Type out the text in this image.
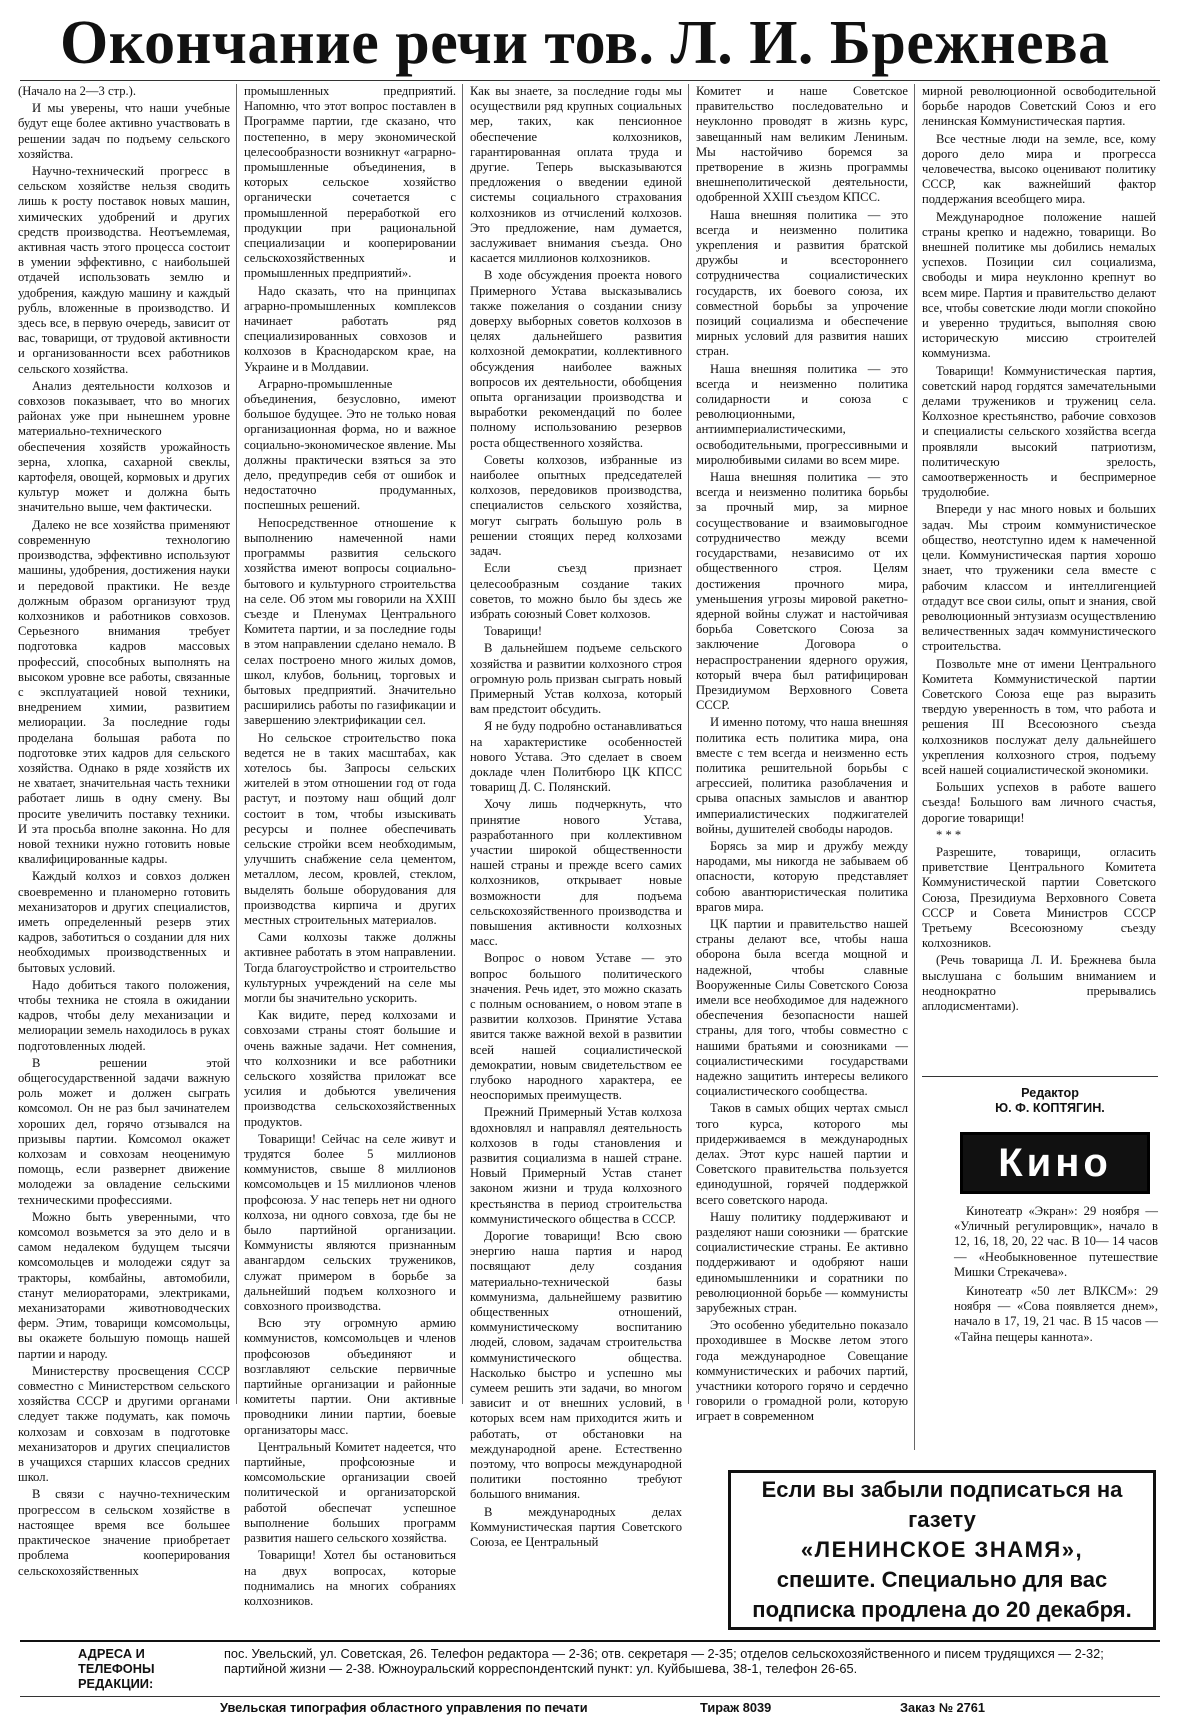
Окончание речи тов. Л. И. Брежнева

(Начало на 2—3 стр.).

И мы уверены, что наши учебные будут еще более активно участвовать в решении задач по подъему сельского хозяйства.

Научно-технический прогресс в сельском хозяйстве нельзя сводить лишь к росту поставок новых машин, химических удобрений и других средств производства. Неотъемлемая, активная часть этого процесса состоит в умении эффективно, с наибольшей отдачей использовать землю и удобрения, каждую машину и каждый рубль, вложенные в производство. И здесь все, в первую очередь, зависит от вас, товарищи, от трудовой активности и организованности всех работников сельского хозяйства.

Анализ деятельности колхозов и совхозов показывает, что во многих районах уже при нынешнем уровне материально-технического обеспечения хозяйств урожайность зерна, хлопка, сахарной свеклы, картофеля, овощей, кормовых и других культур может и должна быть значительно выше, чем фактически.

Далеко не все хозяйства применяют современную технологию производства, эффективно используют машины, удобрения, достижения науки и передовой практики. Не везде должным образом организуют труд колхозников и работников совхозов. Серьезного внимания требует подготовка кадров массовых профессий, способных выполнять на высоком уровне все работы, связанные с эксплуатацией новой техники, внедрением химии, развитием мелиорации. За последние годы проделана большая работа по подготовке этих кадров для сельского хозяйства. Однако в ряде хозяйств их не хватает, значительная часть техники работает лишь в одну смену. Вы просите увеличить поставку техники. И эта просьба вполне законна. Но для новой техники нужно готовить новые квалифицированные кадры.

Каждый колхоз и совхоз должен своевременно и планомерно готовить механизаторов и других специалистов, иметь определенный резерв этих кадров, заботиться о создании для них необходимых производственных и бытовых условий.

Надо добиться такого положения, чтобы техника не стояла в ожидании кадров, чтобы делу механизации и мелиорации земель находилось в руках подготовленных людей.

В решении этой общегосударственной задачи важную роль может и должен сыграть комсомол. Он не раз был зачинателем хороших дел, горячо отзывался на призывы партии. Комсомол окажет колхозам и совхозам неоценимую помощь, если развернет движение молодежи за овладение сельскими техническими профессиями.

Можно быть уверенными, что комсомол возьмется за это дело и в самом недалеком будущем тысячи комсомольцев и молодежи сядут за тракторы, комбайны, автомобили, станут мелиораторами, электриками, механизаторами животноводческих ферм. Этим, товарищи комсомольцы, вы окажете большую помощь нашей партии и народу.

Министерству просвещения СССР совместно с Министерством сельского хозяйства СССР и другими органами следует также подумать, как помочь колхозам и совхозам в подготовке механизаторов и других специалистов в учащихся старших классов средних школ.

В связи с научно-техническим прогрессом в сельском хозяйстве в настоящее время все большее практическое значение приобретает проблема кооперирования сельскохозяйственных

промышленных предприятий. Напомню, что этот вопрос поставлен в Программе партии, где сказано, что постепенно, в меру экономической целесообразности возникнут «аграрно-промышленные объединения, в которых сельское хозяйство органически сочетается с промышленной переработкой его продукции при рациональной специализации и кооперировании сельскохозяйственных и промышленных предприятий».

Надо сказать, что на принципах аграрно-промышленных комплексов начинает работать ряд специализированных совхозов и колхозов в Краснодарском крае, на Украине и в Молдавии.

Аграрно-промышленные объединения, безусловно, имеют большое будущее. Это не только новая организационная форма, но и важное социально-экономическое явление. Мы должны практически взяться за это дело, предупредив себя от ошибок и недостаточно продуманных, поспешных решений.

Непосредственное отношение к выполнению намеченной нами программы развития сельского хозяйства имеют вопросы социально-бытового и культурного строительства на селе. Об этом мы говорили на XXIII съезде и Пленумах Центрального Комитета партии, и за последние годы в этом направлении сделано немало. В селах построено много жилых домов, школ, клубов, больниц, торговых и бытовых предприятий. Значительно расширились работы по газификации и завершению электрификации сел.

Но сельское строительство пока ведется не в таких масштабах, как хотелось бы. Запросы сельских жителей в этом отношении год от года растут, и поэтому наш общий долг состоит в том, чтобы изыскивать ресурсы и полнее обеспечивать сельские стройки всем необходимым, улучшить снабжение села цементом, металлом, лесом, кровлей, стеклом, выделять больше оборудования для производства кирпича и других местных строительных материалов.

Сами колхозы также должны активнее работать в этом направлении. Тогда благоустройство и строительство культурных учреждений на селе мы могли бы значительно ускорить.

Как видите, перед колхозами и совхозами страны стоят большие и очень важные задачи. Нет сомнения, что колхозники и все работники сельского хозяйства приложат все усилия и добьются увеличения производства сельскохозяйственных продуктов.

Товарищи! Сейчас на селе живут и трудятся более 5 миллионов коммунистов, свыше 8 миллионов комсомольцев и 15 миллионов членов профсоюза. У нас теперь нет ни одного колхоза, ни одного совхоза, где бы не было партийной организации. Коммунисты являются признанным авангардом сельских тружеников, служат примером в борьбе за дальнейший подъем колхозного и совхозного производства.

Всю эту огромную армию коммунистов, комсомольцев и членов профсоюзов объединяют и возглавляют сельские первичные партийные организации и районные комитеты партии. Они активные проводники линии партии, боевые организаторы масс.

Центральный Комитет надеется, что партийные, профсоюзные и комсомольские организации своей политической и организаторской работой обеспечат успешное выполнение больших программ развития нашего сельского хозяйства.

Товарищи! Хотел бы остановиться на двух вопросах, которые поднимались на многих собраниях колхозников.

Как вы знаете, за последние годы мы осуществили ряд крупных социальных мер, таких, как пенсионное обеспечение колхозников, гарантированная оплата труда и другие. Теперь высказываются предложения о введении единой системы социального страхования колхозников из отчислений колхозов. Это предложение, нам думается, заслуживает внимания съезда. Оно касается миллионов колхозников.

В ходе обсуждения проекта нового Примерного Устава высказывались также пожелания о создании снизу доверху выборных советов колхозов в целях дальнейшего развития колхозной демократии, коллективного обсуждения наиболее важных вопросов их деятельности, обобщения опыта организации производства и выработки рекомендаций по более полному использованию резервов роста общественного хозяйства.

Советы колхозов, избранные из наиболее опытных председателей колхозов, передовиков производства, специалистов сельского хозяйства, могут сыграть большую роль в решении стоящих перед колхозами задач.

Если съезд признает целесообразным создание таких советов, то можно было бы здесь же избрать союзный Совет колхозов.

Товарищи!

В дальнейшем подъеме сельского хозяйства и развитии колхозного строя огромную роль призван сыграть новый Примерный Устав колхоза, который вам предстоит обсудить.

Я не буду подробно останавливаться на характеристике особенностей нового Устава. Это сделает в своем докладе член Политбюро ЦК КПСС товарищ Д. С. Полянский.

Хочу лишь подчеркнуть, что принятие нового Устава, разработанного при коллективном участии широкой общественности нашей страны и прежде всего самих колхозников, открывает новые возможности для подъема сельскохозяйственного производства и повышения активности колхозных масс.

Вопрос о новом Уставе — это вопрос большого политического значения. Речь идет, это можно сказать с полным основанием, о новом этапе в развитии колхозов. Принятие Устава явится также важной вехой в развитии всей нашей социалистической демократии, новым свидетельством ее глубоко народного характера, ее неоспоримых преимуществ.

Прежний Примерный Устав колхоза вдохновлял и направлял деятельность колхозов в годы становления и развития социализма в нашей стране. Новый Примерный Устав станет законом жизни и труда колхозного крестьянства в период строительства коммунистического общества в СССР.

Дорогие товарищи! Всю свою энергию наша партия и народ посвящают делу создания материально-технической базы коммунизма, дальнейшему развитию общественных отношений, коммунистическому воспитанию людей, словом, задачам строительства коммунистического общества. Насколько быстро и успешно мы сумеем решить эти задачи, во многом зависит и от внешних условий, в которых всем нам приходится жить и работать, от обстановки на международной арене. Естественно поэтому, что вопросы международной политики постоянно требуют большого внимания.

В международных делах Коммунистическая партия Советского Союза, ее Центральный

Комитет и наше Советское правительство последовательно и неуклонно проводят в жизнь курс, завещанный нам великим Лениным. Мы настойчиво боремся за претворение в жизнь программы внешнеполитической деятельности, одобренной XXIII съездом КПСС.

Наша внешняя политика — это всегда и неизменно политика укрепления и развития братской дружбы и всестороннего сотрудничества социалистических государств, их боевого союза, их совместной борьбы за упрочение позиций социализма и обеспечение мирных условий для развития наших стран.

Наша внешняя политика — это всегда и неизменно политика солидарности и союза с революционными, антиимпериалистическими, освободительными, прогрессивными и миролюбивыми силами во всем мире.

Наша внешняя политика — это всегда и неизменно политика борьбы за прочный мир, за мирное сосуществование и взаимовыгодное сотрудничество между всеми государствами, независимо от их общественного строя. Целям достижения прочного мира, уменьшения угрозы мировой ракетно-ядерной войны служат и настойчивая борьба Советского Союза за заключение Договора о нераспространении ядерного оружия, который вчера был ратифицирован Президиумом Верховного Совета СССР.

И именно потому, что наша внешняя политика есть политика мира, она вместе с тем всегда и неизменно есть политика решительной борьбы с агрессией, политика разоблачения и срыва опасных замыслов и авантюр империалистических поджигателей войны, душителей свободы народов.

Борясь за мир и дружбу между народами, мы никогда не забываем об опасности, которую представляет собою авантюристическая политика врагов мира.

ЦК партии и правительство нашей страны делают все, чтобы наша оборона была всегда мощной и надежной, чтобы славные Вооруженные Силы Советского Союза имели все необходимое для надежного обеспечения безопасности нашей страны, для того, чтобы совместно с нашими братьями и союзниками — социалистическими государствами надежно защитить интересы великого социалистического сообщества.

Таков в самых общих чертах смысл того курса, которого мы придерживаемся в международных делах. Этот курс нашей партии и Советского правительства пользуется единодушной, горячей поддержкой всего советского народа.

Нашу политику поддерживают и разделяют наши союзники — братские социалистические страны. Ее активно поддерживают и одобряют наши единомышленники и соратники по революционной борьбе — коммунисты зарубежных стран.

Это особенно убедительно показало проходившее в Москве летом этого года международное Совещание коммунистических и рабочих партий, участники которого горячо и сердечно говорили о громадной роли, которую играет в современном

мирной революционной освободительной борьбе народов Советский Союз и его ленинская Коммунистическая партия.

Все честные люди на земле, все, кому дорого дело мира и прогресса человечества, высоко оценивают политику СССР, как важнейший фактор поддержания всеобщего мира.

Международное положение нашей страны крепко и надежно, товарищи. Во внешней политике мы добились немалых успехов. Позиции сил социализма, свободы и мира неуклонно крепнут во всем мире. Партия и правительство делают все, чтобы советские люди могли спокойно и уверенно трудиться, выполняя свою историческую миссию строителей коммунизма.

Товарищи! Коммунистическая партия, советский народ гордятся замечательными делами тружеников и тружениц села. Колхозное крестьянство, рабочие совхозов и специалисты сельского хозяйства всегда проявляли высокий патриотизм, политическую зрелость, самоотверженность и беспримерное трудолюбие.

Впереди у нас много новых и больших задач. Мы строим коммунистическое общество, неотступно идем к намеченной цели. Коммунистическая партия хорошо знает, что труженики села вместе с рабочим классом и интеллигенцией отдадут все свои силы, опыт и знания, свой революционный энтузиазм осуществлению величественных задач коммунистического строительства.

Позвольте мне от имени Центрального Комитета Коммунистической партии Советского Союза еще раз выразить твердую уверенность в том, что работа и решения III Всесоюзного съезда колхозников послужат делу дальнейшего укрепления колхозного строя, подъему всей нашей социалистической экономики.

Больших успехов в работе вашего съезда! Большого вам личного счастья, дорогие товарищи!

* * *

Разрешите, товарищи, огласить приветствие Центрального Комитета Коммунистической партии Советского Союза, Президиума Верховного Совета СССР и Совета Министров СССР Третьему Всесоюзному съезду колхозников.

(Речь товарища Л. И. Брежнева была выслушана с большим вниманием и неоднократно прерывались аплодисментами).

Редактор
Ю. Ф. КОПТЯГИН.
Кино

Кинотеатр «Экран»: 29 ноября — «Уличный регулировщик», начало в 12, 16, 18, 20, 22 час. В 10— 14 часов — «Необыкновенное путешествие Мишки Стрекачева».

Кинотеатр «50 лет ВЛКСМ»: 29 ноября — «Сова появляется днем», начало в 17, 19, 21 час. В 15 часов — «Тайна пещеры каннота».

Если вы забыли подписаться на газету
«ЛЕНИНСКОЕ ЗНАМЯ»,
спешите. Специально для вас
подписка продлена до 20 декабря.
АДРЕСА И ТЕЛЕФОНЫ РЕДАКЦИИ:
пос. Увельский, ул. Советская, 26. Телефон редактора — 2-36; отв. секретаря — 2-35; отделов сельскохозяйственного и писем трудящихся — 2-32; партийной жизни — 2-38. Южноуральский корреспондентский пункт: ул. Куйбышева, 38-1, телефон 26-65.
Увельская типография областного управления по печати	Тираж 8039	Заказ № 2761
